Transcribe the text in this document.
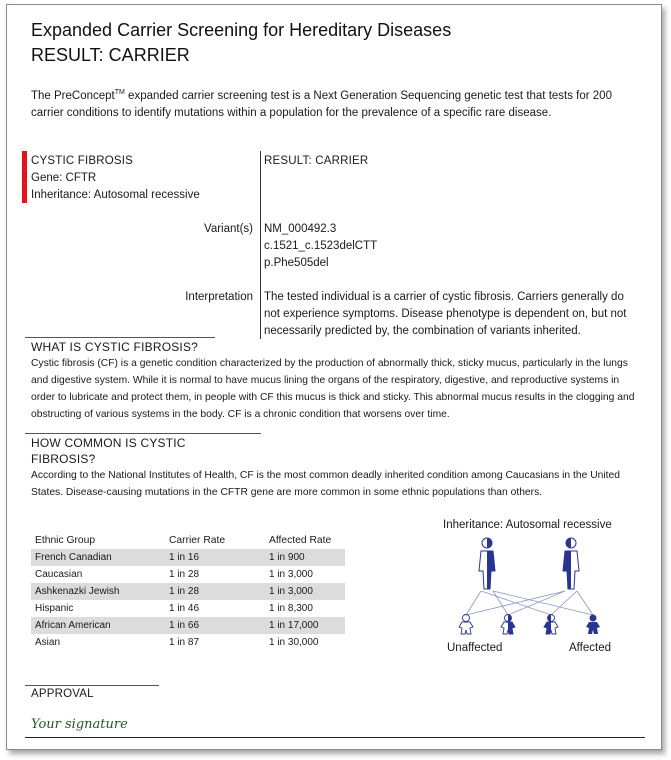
Expanded Carrier Screening for Hereditary Diseases
RESULT: CARRIER
The PreConcept™ expanded carrier screening test is a Next Generation Sequencing genetic test that tests for 200 carrier conditions to identify mutations within a population for the prevalence of a specific rare disease.
CYSTIC FIBROSIS
Gene: CFTR
Inheritance: Autosomal recessive
RESULT: CARRIER
Variant(s) NM_000492.3
c.1521_c.1523delCTT
p.Phe505del
Interpretation The tested individual is a carrier of cystic fibrosis. Carriers generally do not experience symptoms. Disease phenotype is dependent on, but not necessarily predicted by, the combination of variants inherited.
WHAT IS CYSTIC FIBROSIS?
Cystic fibrosis (CF) is a genetic condition characterized by the production of abnormally thick, sticky mucus, particularly in the lungs and digestive system. While it is normal to have mucus lining the organs of the respiratory, digestive, and reproductive systems in order to lubricate and protect them, in people with CF this mucus is thick and sticky. This abnormal mucus results in the clogging and obstructing of various systems in the body. CF is a chronic condition that worsens over time.
HOW COMMON IS CYSTIC
FIBROSIS?
According to the National Institutes of Health, CF is the most common deadly inherited condition among Caucasians in the United States. Disease-causing mutations in the CFTR gene are more common in some ethnic populations than others.
Ethnic Group	Carrier Rate	Affected Rate
French Canadian	1 in 16	1 in 900
Caucasian	1 in 28	1 in 3,000
Ashkenazki Jewish	1 in 28	1 in 3,000
Hispanic	1 in 46	1 in 8,300
African American	1 in 66	1 in 17,000
Asian	1 in 87	1 in 30,000
Inheritance: Autosomal recessive
Unaffected	Affected
APPROVAL
Your signature
